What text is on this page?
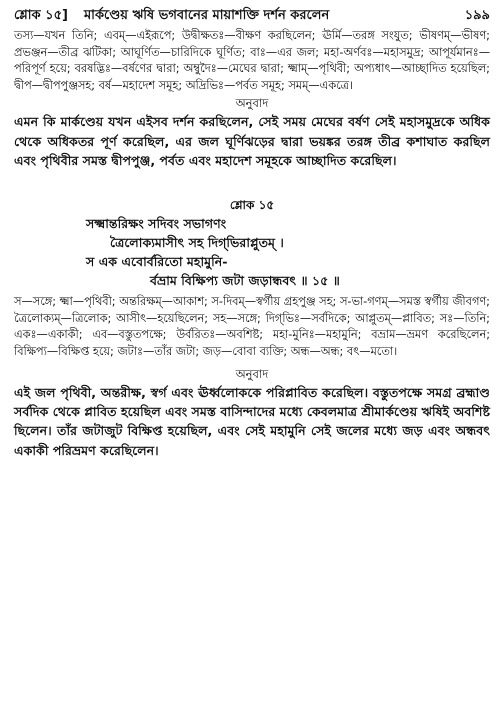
শ্লোক ১৫] মার্কণ্ডেয় ঋষি ভগবানের মায়াশক্তি দর্শন করলেন	১৯৯

তস্য—যখন তিনি; এবম্—এইরূপে; উদ্বীক্ষতঃ—বীক্ষণ করছিলেন; ঊর্মি—তরঙ্গ সংযুত; ভীষণম্—ভীষণ; প্রভঞ্জন—তীব্র ঝটিকা; আঘূর্ণিত—চারিদিকে ঘূর্ণিত; বাঃ—এর জল; মহা-অর্ণবঃ—মহাসমুদ্র; আপূর্যমানঃ—পরিপূর্ণ হয়ে; বরষদ্ভিঃ—বর্ষণের দ্বারা; অম্বুদৈঃ—মেঘের দ্বারা; ক্ষ্মাম্—পৃথিবী; অপ্যধাৎ—আচ্ছাদিত হয়েছিল; দ্বীপ—দ্বীপপুঞ্জসহ; বর্ষ—মহাদেশ সমূহ; অদ্রিভিঃ—পর্বত সমূহ; সমম্—একত্রে।

অনুবাদ

এমন কি মার্কণ্ডেয় যখন এইসব দর্শন করছিলেন, সেই সময় মেঘের বর্ষণ সেই মহাসমুদ্রকে অধিক থেকে অধিকতর পূর্ণ করেছিল, এর জল ঘূর্ণিঝড়ের দ্বারা ভয়ঙ্কর তরঙ্গ তীব্র কশাঘাত করছিল এবং পৃথিবীর সমস্ত দ্বীপপুঞ্জ, পর্বত এবং মহাদেশ সমূহকে আচ্ছাদিত করেছিল।

শ্লোক ১৫
সক্ষ্মান্তরিক্ষং সদিবং সভাগণং
ত্রৈলোক্যমাসীৎ সহ দিগ্‌ভিরাপ্লুতম্ ।
স এক এবোর্বরিতো মহামুনি-
র্বভ্রাম বিক্ষিপ্য জটা জড়ান্ধবৎ ॥ ১৫ ॥

স—সঙ্গে; ক্ষ্মা—পৃথিবী; অন্তরিক্ষম্—আকাশ; স-দিবম্—স্বর্গীয় গ্রহপুঞ্জ সহ; স-ভা-গণম্—সমস্ত স্বর্গীয় জীবগণ; ত্রৈলোক্যম্—ত্রিলোক; আসীৎ—হয়েছিলেন; সহ—সঙ্গে; দিগ্‌ভিঃ—সর্বদিকে; আপ্লুতম্—প্লাবিত; সঃ—তিনি; একঃ—একাকী; এব—বস্তুতপক্ষে; উর্বরিতঃ—অবশিষ্ট; মহা-মুনিঃ—মহামুনি; বভ্রাম—ভ্রমণ করেছিলেন; বিক্ষিপ্য—বিক্ষিপ্ত হয়ে; জটাঃ—তাঁর জটা; জড়—বোবা ব্যক্তি; অন্ধ—অন্ধ; বৎ—মতো।

অনুবাদ

এই জল পৃথিবী, অন্তরীক্ষ, স্বর্গ এবং ঊর্ধ্বলোককে পরিপ্লাবিত করেছিল। বস্তুতপক্ষে সমগ্র ব্রহ্মাণ্ড সর্বদিক থেকে প্লাবিত হয়েছিল এবং সমস্ত বাসিন্দাদের মধ্যে কেবলমাত্র শ্রীমার্কণ্ডেয় ঋষিই অবশিষ্ট ছিলেন। তাঁর জটাজুট বিক্ষিপ্ত হয়েছিল, এবং সেই মহামুনি সেই জলের মধ্যে জড় এবং অন্ধবৎ একাকী পরিভ্রমণ করেছিলেন।
